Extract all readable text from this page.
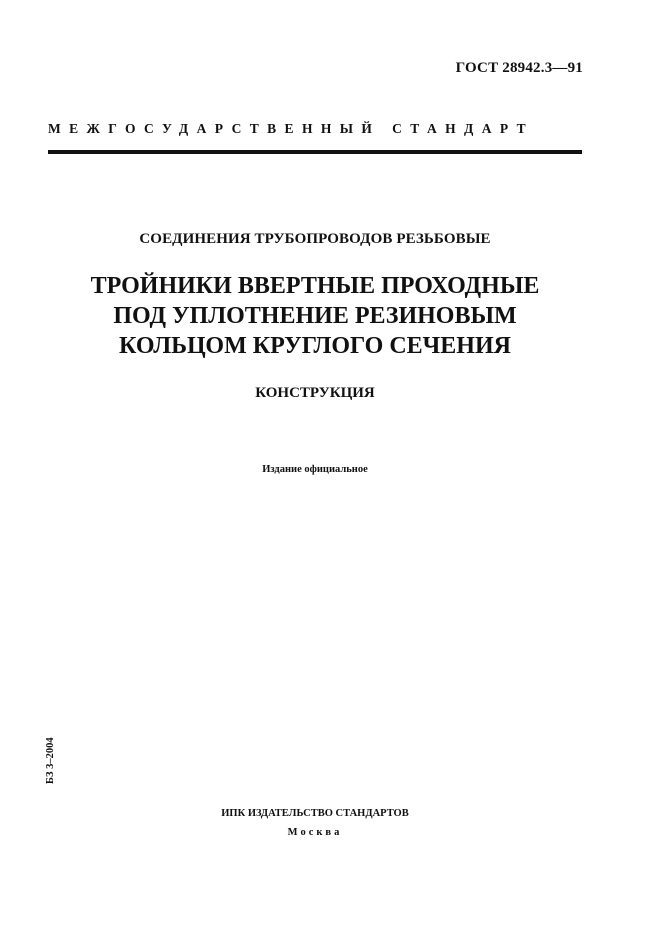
ГОСТ 28942.3—91
МЕЖГОСУДАРСТВЕННЫЙ СТАНДАРТ
СОЕДИНЕНИЯ ТРУБОПРОВОДОВ РЕЗЬБОВЫЕ
ТРОЙНИКИ ВВЕРТНЫЕ ПРОХОДНЫЕ
ПОД УПЛОТНЕНИЕ РЕЗИНОВЫМ
КОЛЬЦОМ КРУГЛОГО СЕЧЕНИЯ
КОНСТРУКЦИЯ
Издание официальное
БЗ 3–2004
ИПК ИЗДАТЕЛЬСТВО СТАНДАРТОВ
Москва
